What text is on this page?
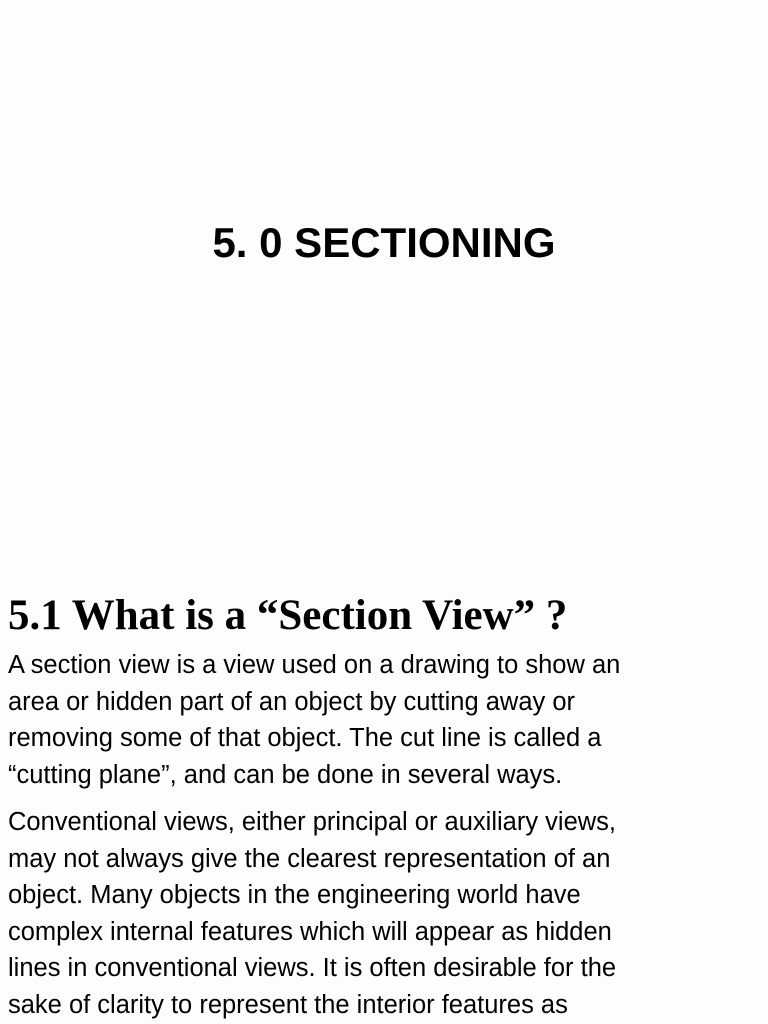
5. 0 SECTIONING
5.1 What is a “Section View” ?

A section view is a view used on a drawing to show an
area or hidden part of an object by cutting away or
removing some of that object. The cut line is called a
“cutting plane”, and can be done in several ways.

Conventional views, either principal or auxiliary views,
may not always give the clearest representation of an
object. Many objects in the engineering world have
complex internal features which will appear as hidden
lines in conventional views. It is often desirable for the
sake of clarity to represent the interior features as
